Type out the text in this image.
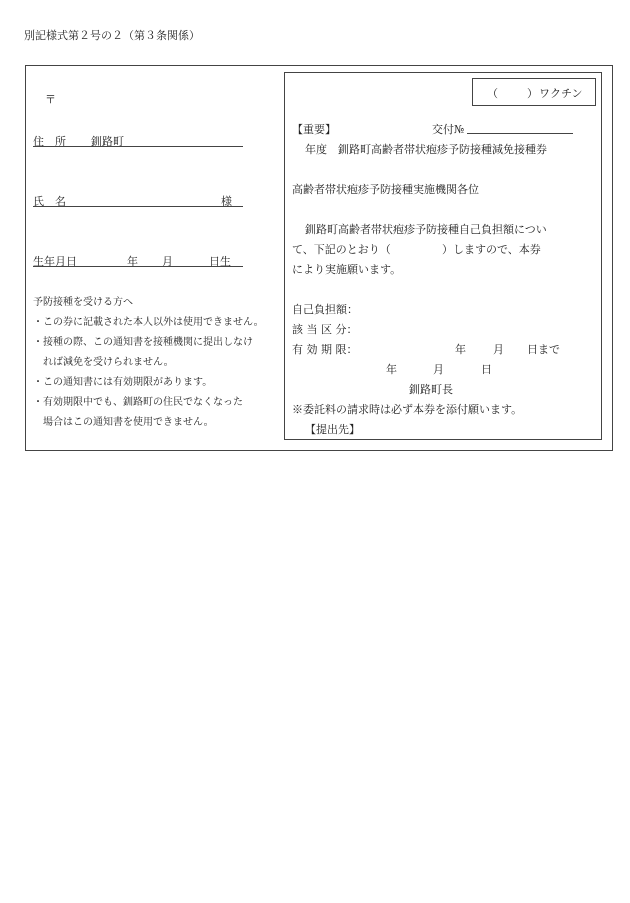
別記様式第２号の２（第３条関係）
〒
住　所 釧路町
氏　名	様
生年月日	年 月	日生
予防接種を受ける方へ
・この券に記載された本人以外は使用できません。
・接種の際、この通知書を接種機関に提出しなけ
　れば減免を受けられません。
・この通知書には有効期限があります。
・有効期限中でも、釧路町の住民でなくなった
　場合はこの通知書を使用できません。
（	） ワクチン
【重要】	交付№
年度　釧路町高齢者帯状疱疹予防接種減免接種券
高齢者帯状疱疹予防接種実施機関各位
釧路町高齢者帯状疱疹予防接種自己負担額につい
て、下記のとおり（	）しますので、本券
により実施願います。
自己負担額：
該 当 区 分：
有 効 期 限：	年 月 日まで
年	月	日
釧路町長
※委託料の請求時は必ず本券を添付願います。
【提出先】
